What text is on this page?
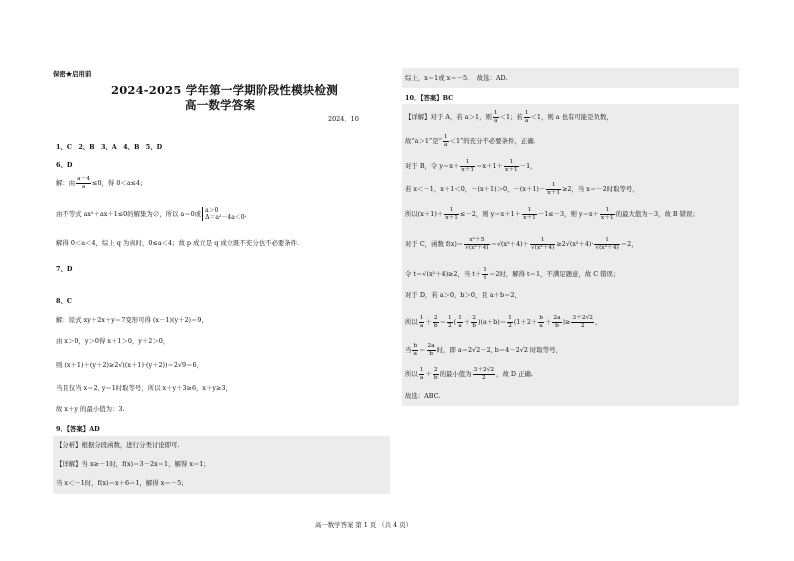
保密★启用前
2024-2025 学年第一学期阶段性模块检测
高一数学答案
2024．10
1、C　2、B　3、A　4、B　5、D
6、D
解：由 $\frac{a-4}{a} \le 0$，得 0＜a≤4；
由不等式 ax²＋ax＋1≤0的解集为∅，所以 a＝0或 a＞0
Δ＝a²－4a＜0 ，
解得 0＜a＜4，综上 q 为真时，0≤a＜4；故 p 成立是 q 成立既不充分也不必要条件.
7、D
8、C
解：原式 xy＋2x＋y＝7变形可得 (x－1)(y＋2)＝9，
由 x＞0，y＞0得 x＋1＞0，y＋2＞0，
则 (x＋1)＋(y＋2)≥2√((x＋1)·(y＋2))＝2√9＝6，
当且仅当 x＝2, y＝1时取等号，所以 x＋y＋3≥6，x＋y≥3，
故 x＋y 的最小值为：3.
9．【答案】AD
【分析】根据分段函数，进行分类讨论即可.
【详解】当 x≥－1时，f(x)＝3－2x＝1，解得 x＝1；
当 x＜－1时，f(x)＝x＋6＝1，解得 x＝－5；
综上，x＝1或 x＝－5．　故选：AD.
10．【答案】BC
【详解】对于 A，若 a＞1，则 $\frac{1}{a} <1$；若 $\frac{1}{a} <1$，则 a 也有可能是负数，
故“a＞1”是“ $\frac{1}{a} <1$”的充分不必要条件，正确.
对于 B，令 $y=x+ \frac{1}{x+1} =x+1+ \frac{1}{x+1} -1$，
若 x＜－1，x＋1＜0，－(x＋1)＞0，$-(x+1)- \frac{1}{x+1} \ge 2$，当 x＝－2时取等号，
所以$(x+1)+ \frac{1}{x+1} \le-2$，则 $y=x+1+ \frac{1}{x+1} -1\le-3$，则 $y=x+ \frac{1}{x+1}$ 的最大值为－3，故 B 错误；
对于 C，函数 $f(x)= \frac{\text{x²＋5}}{\text{√(x²＋4)}} =√(x^2+4)+ \frac{1}{\text{√(x²＋4)}} \ge 2√(x^2+4)\cdot \frac{1}{\text{√(x²＋4)}} =2$，
令 t＝√(x²＋4)≥2，当 $t+ \frac{1}{t} =2$时，解得 t＝1，不满足题意，故 C 错误；
对于 D，若 a＞0，b＞0，且 a＋b＝2，
所以 $\frac{1}{a} + \frac{2}{b} = \frac{1}{2}$ ( $\frac{1}{a} + \frac{2}{b} )(a+b)= \frac{1}{2} (1+2+ \frac{b}{a} + \frac{2a}{b}$ )≥ $\frac{3+2√2}{2}$ ，
当 $\frac{b}{a} = \frac{2a}{b}$ 时，即 a＝2√2－2, b＝4－2√2 时取等号，
所以 $\frac{1}{a} + \frac{2}{b}$ 的最小值为 $\frac{3+2√2}{2}$ ，故 D 正确.
故选：ABC.
高一数学答案 第 1 页 （共 4 页）
